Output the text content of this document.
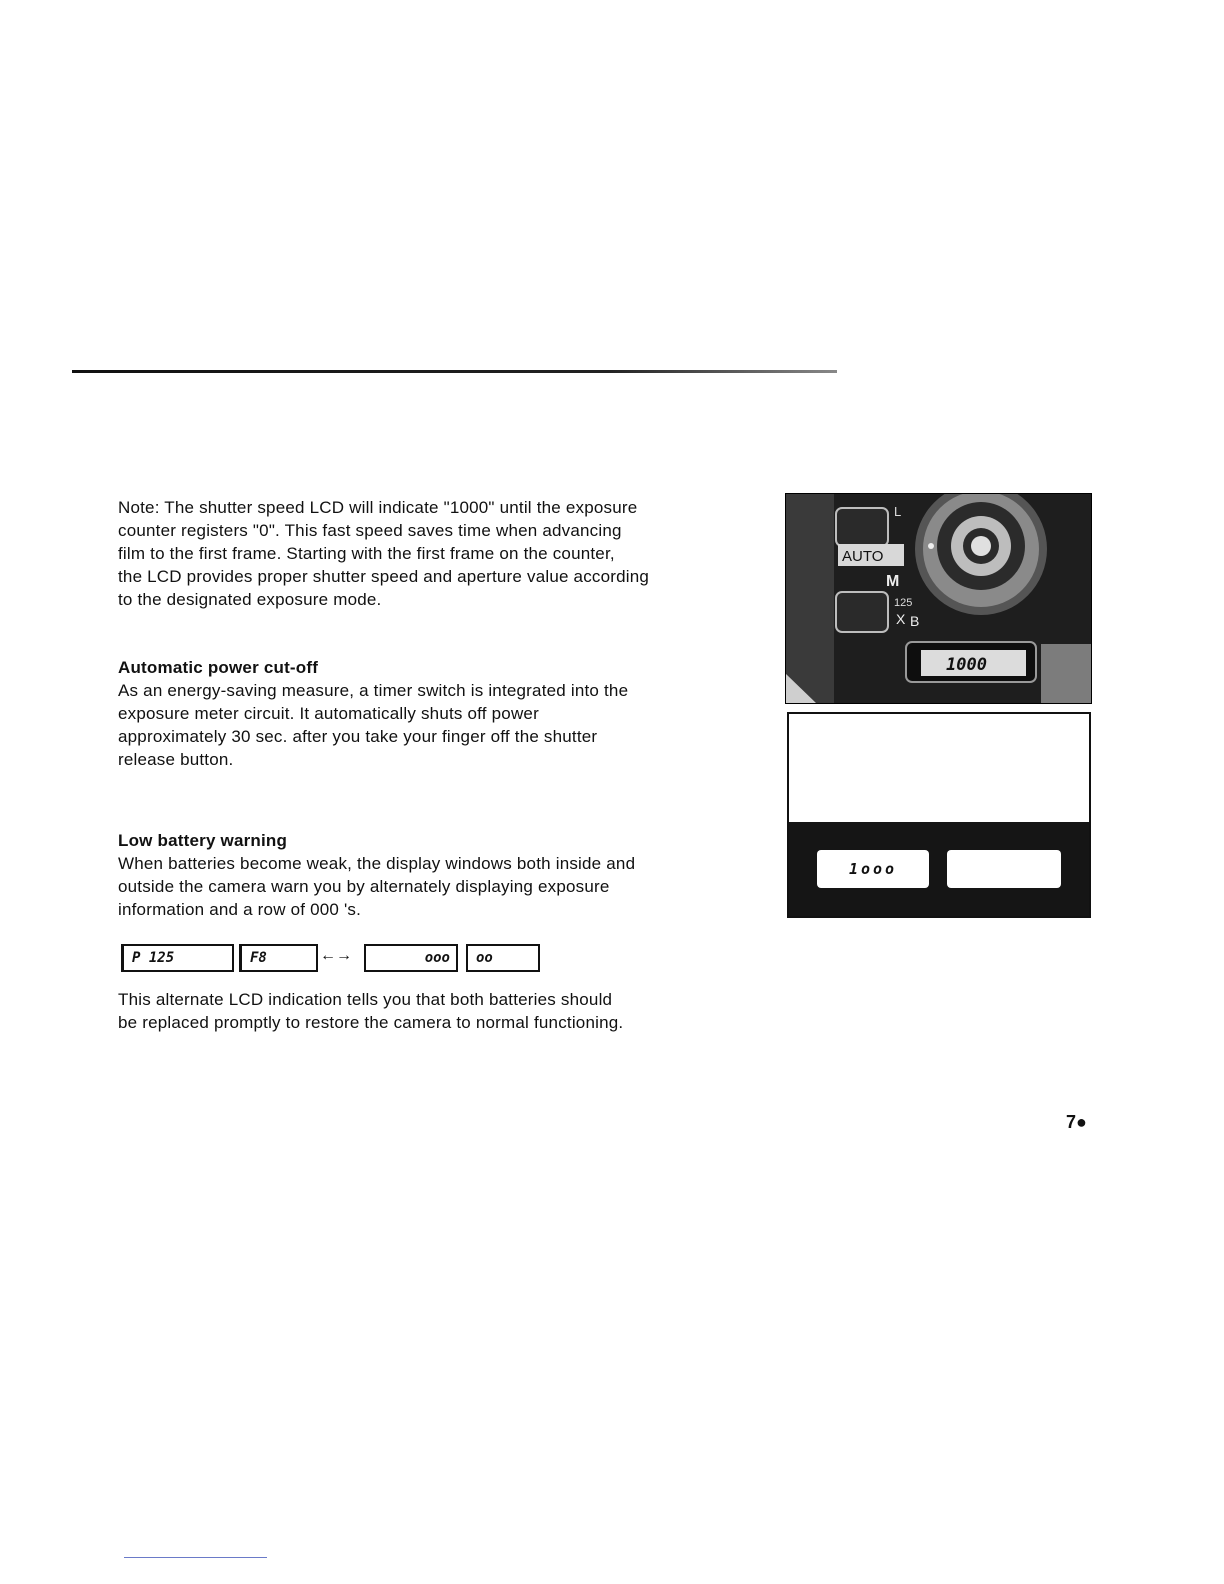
Note: The shutter speed LCD will indicate "1000" until the exposure

counter registers "0". This fast speed saves time when advancing

film to the first frame. Starting with the first frame on the counter,

the LCD provides proper shutter speed and aperture value according

to the designated exposure mode.

Automatic power cut-off

As an energy-saving measure, a timer switch is integrated into the

exposure meter circuit. It automatically shuts off power

approximately 30 sec. after you take your finger off the shutter

release button.

Low battery warning

When batteries become weak, the display windows both inside and

outside the camera warn you by alternately displaying exposure

information and a row of 000 's.

P 125	F8	←→	ooo	oo

This alternate LCD indication tells you that both batteries should

be replaced promptly to restore the camera to normal functioning.

AUTO
L
M
125
X B
1000
1ooo
7●
